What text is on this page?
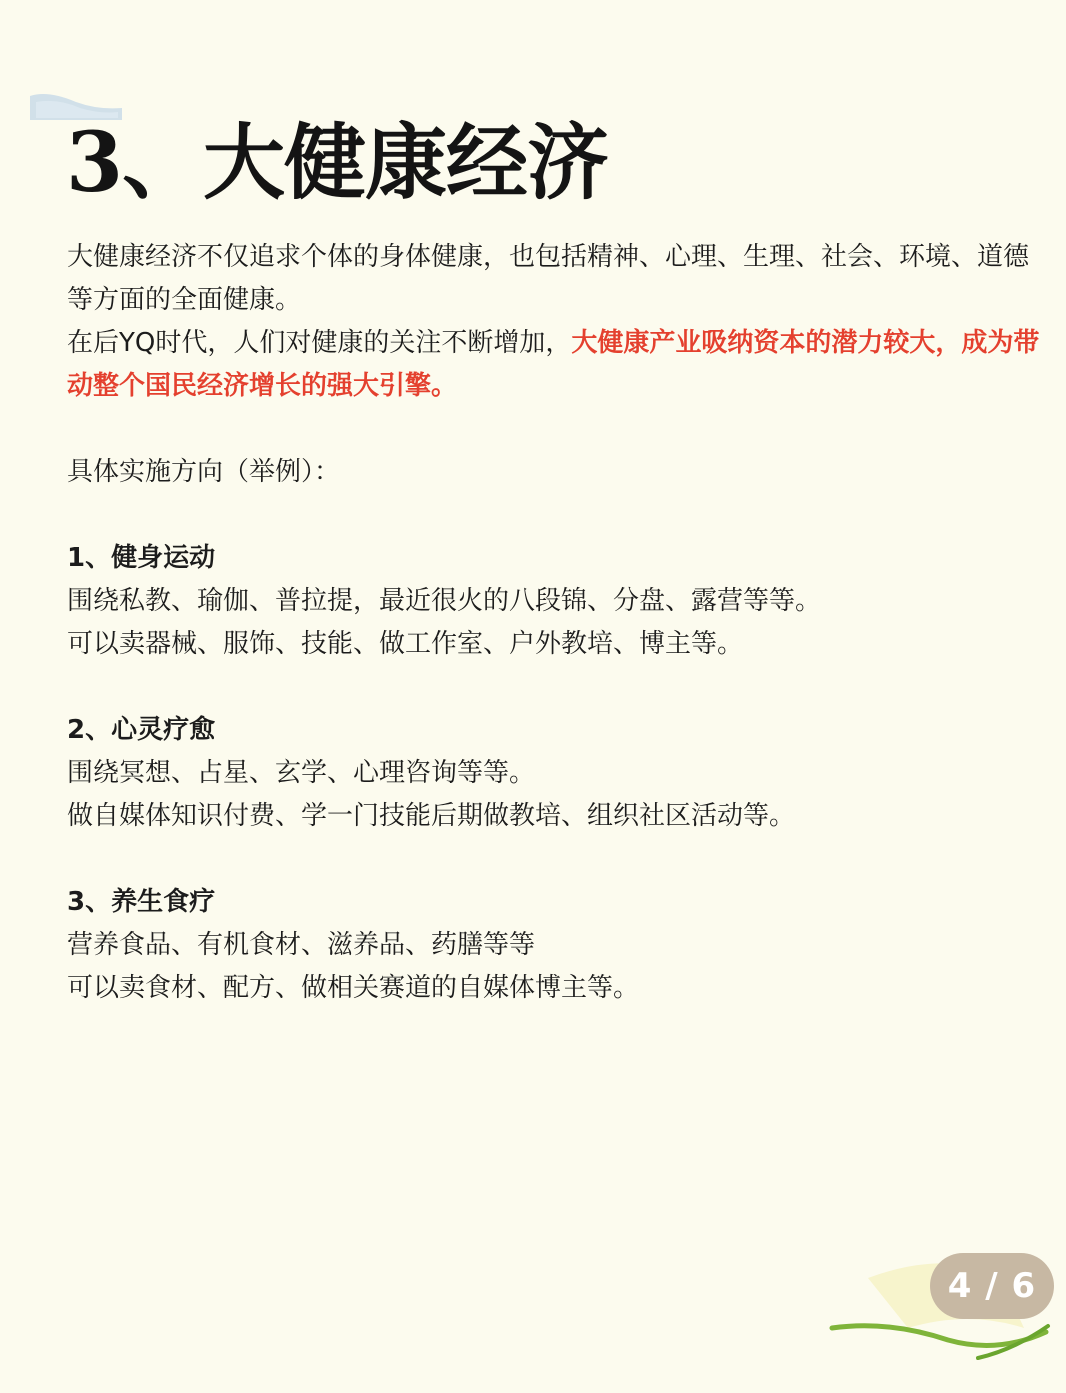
3、大健康经济

大健康经济不仅追求个体的身体健康，也包括精神、心理、生理、社会、环境、道德等方面的全面健康。
在后YQ时代，人们对健康的关注不断增加，大健康产业吸纳资本的潜力较大，成为带动整个国民经济增长的强大引擎。

具体实施方向（举例）：

1、健身运动

围绕私教、瑜伽、普拉提，最近很火的八段锦、分盘、露营等等。

可以卖器械、服饰、技能、做工作室、户外教培、博主等。

2、心灵疗愈

围绕冥想、占星、玄学、心理咨询等等。

做自媒体知识付费、学一门技能后期做教培、组织社区活动等。

3、养生食疗

营养食品、有机食材、滋养品、药膳等等

可以卖食材、配方、做相关赛道的自媒体博主等。

4 / 6
